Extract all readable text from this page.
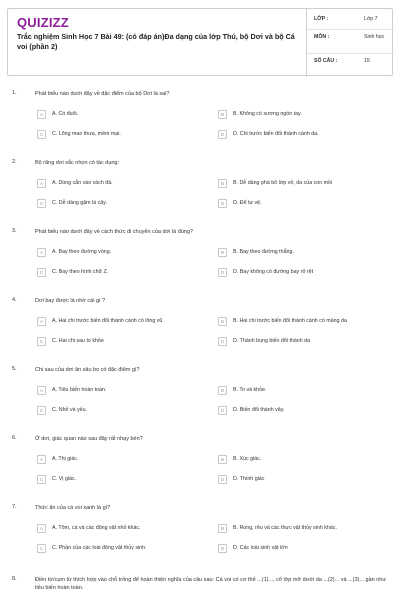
QUIZIZZ
Trắc nghiệm Sinh Học 7 Bài 49: (có đáp án)Đa dạng của lớp Thú, bộ Dơi và bộ Cá voi (phần 2)
LỚP :	Lớp 7
MÔN :	Sinh học
SỐ CÂU :	15
1.	Phát biểu nào dưới đây về đặc điểm của bộ Dơi là sai?
A	A. Có đuôi.	B	B. Không có xương ngón tay.
C	C. Lông mao thưa, mềm mại.	D	D. Chi trước biến đổi thành cánh da.
2.	Bộ răng dơi sắc nhọn có tác dụng:
A	A. Dùng cắn vào vách đá.	B	B. Dễ dàng phá bỏ lớp vỏ, da của con mồi
C	C. Dễ dàng gặm lá cây.	D	D. Để tự vệ.
3.	Phát biểu nào dưới đây về cách thức di chuyển của dơi là đúng?
A	A. Bay theo đường vòng.	B	B. Bay theo đường thẳng.
C	C. Bay theo hình chữ Z.	D	D. Bay không có đường bay rõ rệt
4.	Dơi bay được là nhờ cái gì ?
A	A. Hai chi trước biến đổi thành cánh có lông vũ	B	B. Hai chi trước biến đổi thành cánh có màng da
C	C. Hai chi sau to khỏe	D	D. Thành bụng biến đổi thành da
5.	Chi sau của dơi ăn sâu bọ có đặc điểm gì?
A	A. Tiêu biến hoàn toàn.	B	B. To và khỏe.
C	C. Nhỏ và yếu.	D	D. Biến đổi thành vây.
6.	Ở dơi, giác quan nào sau đây rất nhạy bén?
A	A. Thị giác.	B	B. Xúc giác.
C	C. Vị giác.	D	D. Thính giác
7.	Thức ăn của cá voi xanh là gì?
A	A. Tôm, cá và các động vật nhỏ khác.	B	B. Rong, rêu và các thực vật thủy sinh khác.
C	C. Phần của các loài động vật thủy sinh.	D	D. Các loài sinh vật lớn
8.	Điền từ/cụm từ thích hợp vào chỗ trống để hoàn thiện nghĩa của câu sau: Cá voi có cơ thể ...(1)..., cổ lớp mỡ dưới da ...(2)... và ...(3)... gần như tiêu biến hoàn toàn.
